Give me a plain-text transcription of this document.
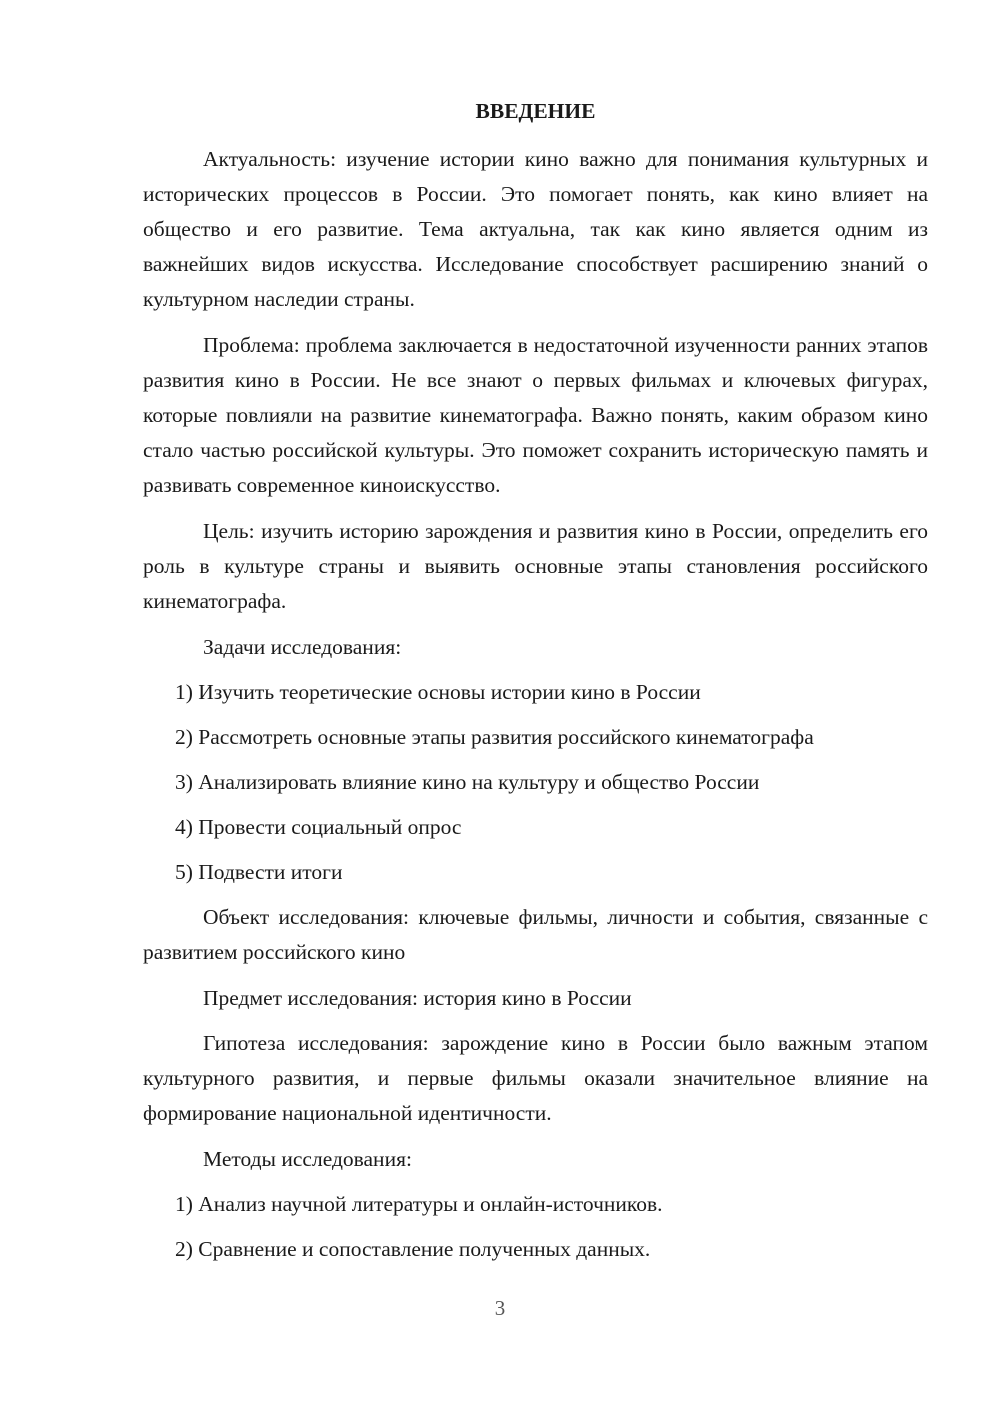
ВВЕДЕНИЕ
Актуальность: изучение истории кино важно для понимания культурных и исторических процессов в России. Это помогает понять, как кино влияет на общество и его развитие. Тема актуальна, так как кино является одним из важнейших видов искусства. Исследование способствует расширению знаний о культурном наследии страны.
Проблема: проблема заключается в недостаточной изученности ранних этапов развития кино в России. Не все знают о первых фильмах и ключевых фигурах, которые повлияли на развитие кинематографа. Важно понять, каким образом кино стало частью российской культуры. Это поможет сохранить историческую память и развивать современное киноискусство.
Цель: изучить историю зарождения и развития кино в России, определить его роль в культуре страны и выявить основные этапы становления российского кинематографа.
Задачи исследования:
1) Изучить теоретические основы истории кино в России
2) Рассмотреть основные этапы развития российского кинематографа
3) Анализировать влияние кино на культуру и общество России
4) Провести социальный опрос
5) Подвести итоги
Объект исследования: ключевые фильмы, личности и события, связанные с развитием российского кино
Предмет исследования: история кино в России
Гипотеза исследования: зарождение кино в России было важным этапом культурного развития, и первые фильмы оказали значительное влияние на формирование национальной идентичности.
Методы исследования:
1) Анализ научной литературы и онлайн-источников.
2) Сравнение и сопоставление полученных данных.
3
